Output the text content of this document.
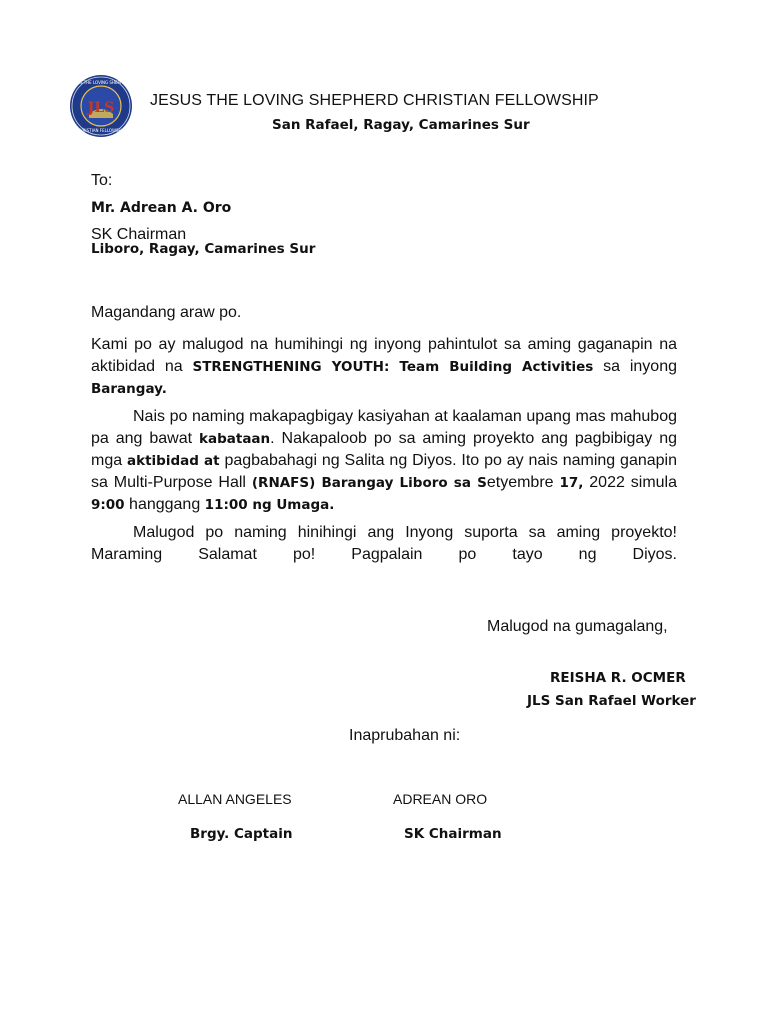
JLS
JESUS THE LOVING SHEPHERD
CHRISTIAN FELLOWSHIP
JESUS THE LOVING SHEPHERD CHRISTIAN FELLOWSHIP
San Rafael, Ragay, Camarines Sur
To:
Mr. Adrean A. Oro
SK Chairman
Liboro, Ragay, Camarines Sur
Magandang araw po.
Kami po ay malugod na humihingi ng inyong pahintulot sa aming gaganapin na aktibidad na STRENGTHENING YOUTH: Team Building Activities sa inyong Barangay.
Nais po naming makapagbigay kasiyahan at kaalaman upang mas mahubog pa ang bawat kabataan. Nakapaloob po sa aming proyekto ang pagbibigay ng mga aktibidad at pagbabahagi ng Salita ng Diyos. Ito po ay nais naming ganapin sa Multi-Purpose Hall (RNAFS) Barangay Liboro sa Setyembre 17, 2022 simula 9:00 hanggang 11:00 ng Umaga.
Malugod po naming hinihingi ang Inyong suporta sa aming proyekto! Maraming Salamat po! Pagpalain po tayo ng Diyos.
Malugod na gumagalang,
REISHA R. OCMER
JLS San Rafael Worker
Inaprubahan ni:
ALLAN ANGELES
Brgy. Captain
ADREAN ORO
SK Chairman
